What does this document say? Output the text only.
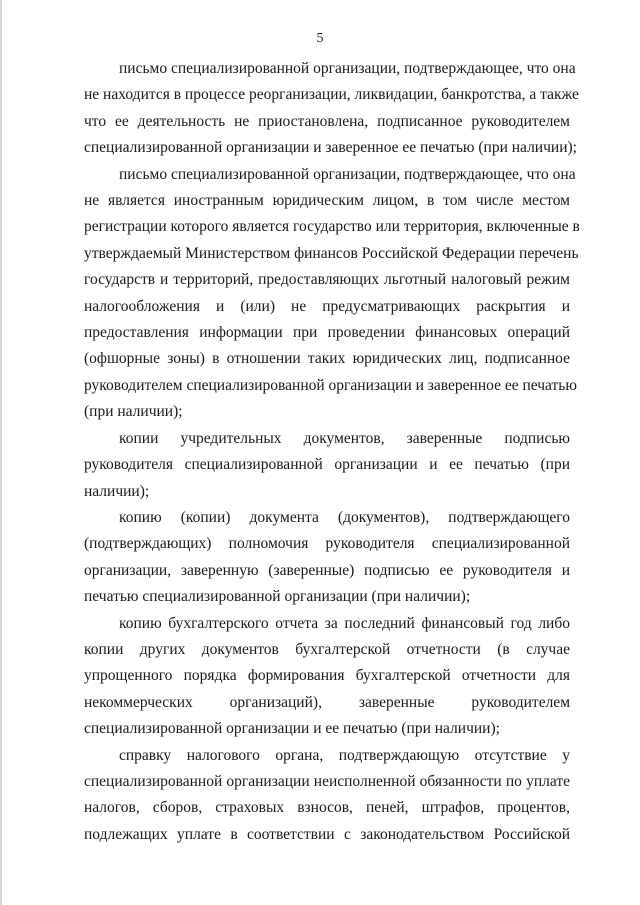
5

письмо специализированной организации, подтверждающее, что она
не находится в процессе реорганизации, ликвидации, банкротства, а также
что ее деятельность не приостановлена, подписанное руководителем
специализированной организации и заверенное ее печатью (при наличии);

письмо специализированной организации, подтверждающее, что она
не является иностранным юридическим лицом, в том числе местом
регистрации которого является государство или территория, включенные в
утверждаемый Министерством финансов Российской Федерации перечень
государств и территорий, предоставляющих льготный налоговый режим
налогообложения и (или) не предусматривающих раскрытия и
предоставления информации при проведении финансовых операций
(офшорные зоны) в отношении таких юридических лиц, подписанное
руководителем специализированной организации и заверенное ее печатью
(при наличии);

копии учредительных документов, заверенные подписью
руководителя специализированной организации и ее печатью (при
наличии);

копию (копии) документа (документов), подтверждающего
(подтверждающих) полномочия руководителя специализированной
организации, заверенную (заверенные) подписью ее руководителя и
печатью специализированной организации (при наличии);

копию бухгалтерского отчета за последний финансовый год либо
копии других документов бухгалтерской отчетности (в случае
упрощенного порядка формирования бухгалтерской отчетности для
некоммерческих организаций), заверенные руководителем
специализированной организации и ее печатью (при наличии);

справку налогового органа, подтверждающую отсутствие у
специализированной организации неисполненной обязанности по уплате
налогов, сборов, страховых взносов, пеней, штрафов, процентов,
подлежащих уплате в соответствии с законодательством Российской
